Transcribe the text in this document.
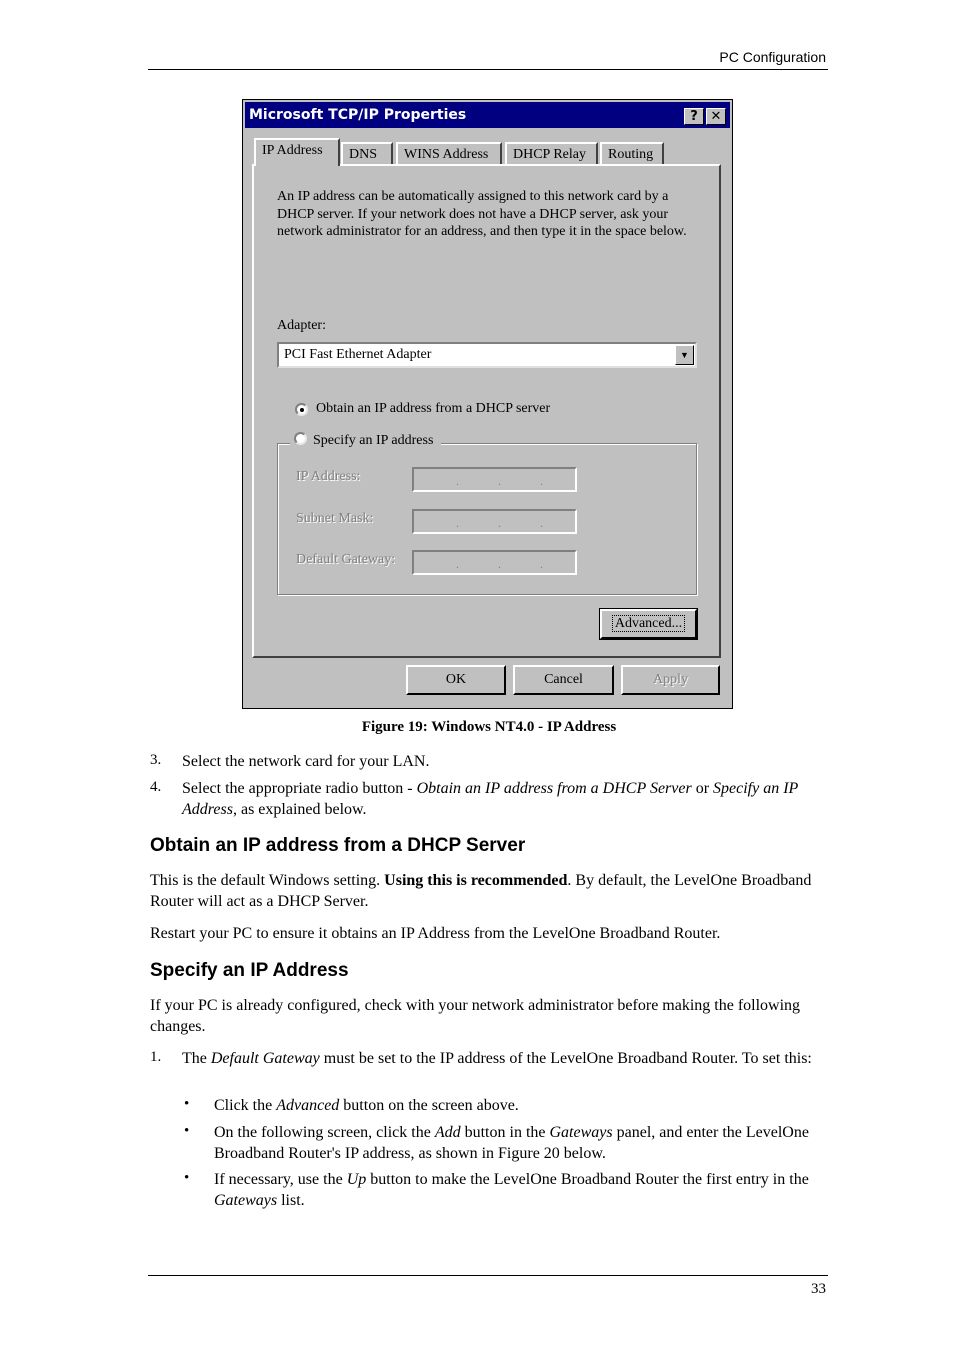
PC Configuration
Microsoft TCP/IP Properties	? ✕
IP Address	DNS	WINS Address	DHCP Relay	Routing
An IP address can be automatically assigned to this network card by a DHCP server. If your network does not have a DHCP server, ask your network administrator for an address, and then type it in the space below.
Adapter:
PCI Fast Ethernet Adapter	▼
Obtain an IP address from a DHCP server
Specify an IP address
IP Address:	.	.	.
Subnet Mask:	.	.	.
Default Gateway:	.	.	.
Advanced...
OK	Cancel	Apply
Figure 19: Windows NT4.0 - IP Address
3. Select the network card for your LAN.
4. Select the appropriate radio button - Obtain an IP address from a DHCP Server or Specify an IP Address, as explained below.
Obtain an IP address from a DHCP Server
This is the default Windows setting. Using this is recommended. By default, the LevelOne Broadband Router will act as a DHCP Server.
Restart your PC to ensure it obtains an IP Address from the LevelOne Broadband Router.
Specify an IP Address
If your PC is already configured, check with your network administrator before making the following changes.
1. The Default Gateway must be set to the IP address of the LevelOne Broadband Router. To set this:
• Click the Advanced button on the screen above.
• On the following screen, click the Add button in the Gateways panel, and enter the LevelOne Broadband Router's IP address, as shown in Figure 20 below.
• If necessary, use the Up button to make the LevelOne Broadband Router the first entry in the Gateways list.
33
